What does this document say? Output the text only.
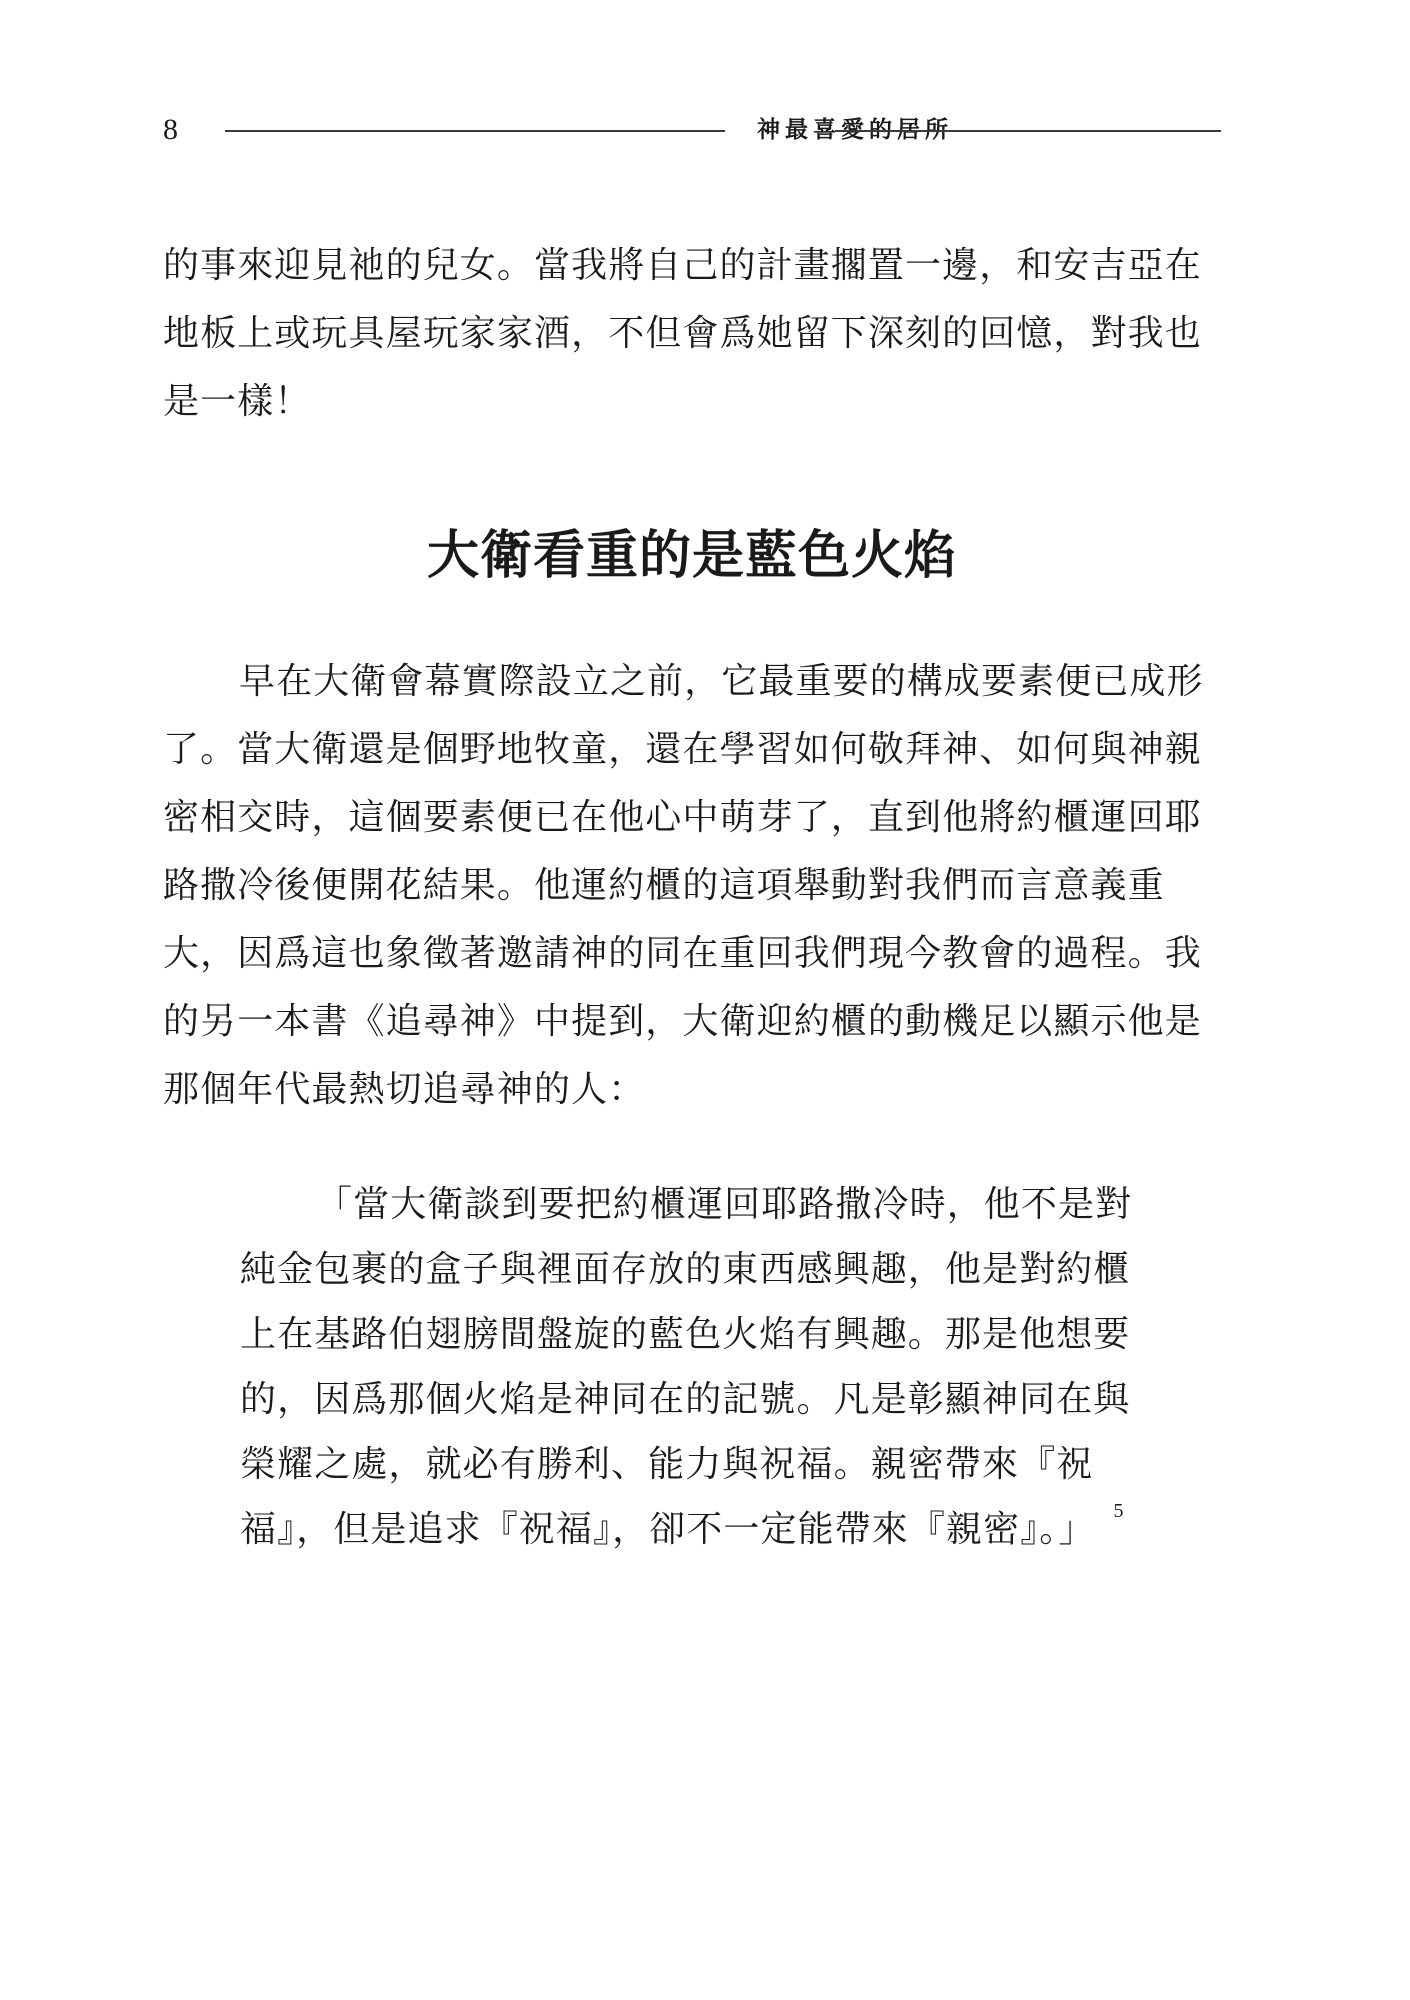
8	神最喜愛的居所

的事來迎見祂的兒女。當我將自己的計畫擱置一邊，和安吉亞在地板上或玩具屋玩家家酒，不但會爲她留下深刻的回憶，對我也是一樣！

大衛看重的是藍色火焰

早在大衛會幕實際設立之前，它最重要的構成要素便已成形了。當大衛還是個野地牧童，還在學習如何敬拜神、如何與神親密相交時，這個要素便已在他心中萌芽了，直到他將約櫃運回耶路撒冷後便開花結果。他運約櫃的這項舉動對我們而言意義重大，因爲這也象徵著邀請神的同在重回我們現今教會的過程。我的另一本書《追尋神》中提到，大衛迎約櫃的動機足以顯示他是那個年代最熱切追尋神的人：

「當大衛談到要把約櫃運回耶路撒冷時，他不是對純金包裹的盒子與裡面存放的東西感興趣，他是對約櫃上在基路伯翅膀間盤旋的藍色火焰有興趣。那是他想要的，因爲那個火焰是神同在的記號。凡是彰顯神同在與榮耀之處，就必有勝利、能力與祝福。親密帶來『祝福』，但是追求『祝福』，卻不一定能帶來『親密』。」 $^5$
